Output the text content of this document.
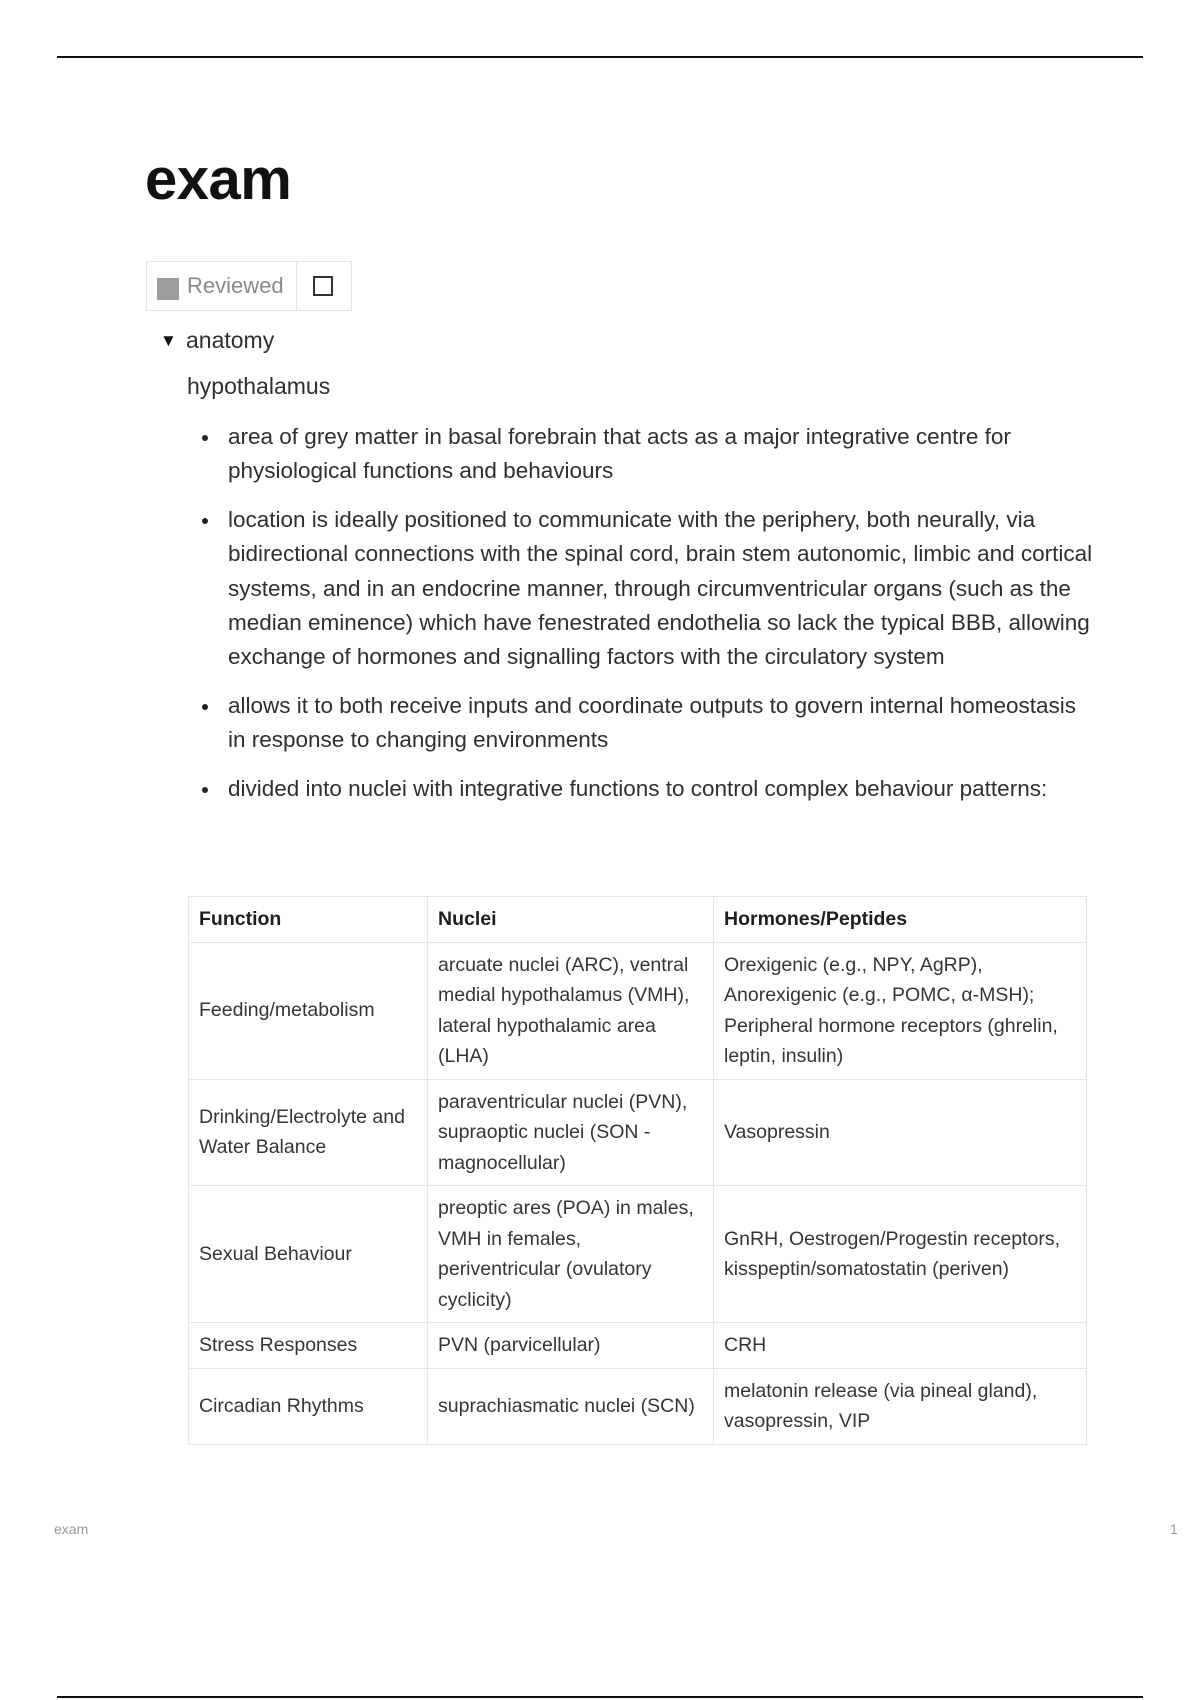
exam
Reviewed
▼ anatomy
hypothalamus
area of grey matter in basal forebrain that acts as a major integrative centre for physiological functions and behaviours
location is ideally positioned to communicate with the periphery, both neurally, via bidirectional connections with the spinal cord, brain stem autonomic, limbic and cortical systems, and in an endocrine manner, through circumventricular organs (such as the median eminence) which have fenestrated endothelia so lack the typical BBB, allowing exchange of hormones and signalling factors with the circulatory system
allows it to both receive inputs and coordinate outputs to govern internal homeostasis in response to changing environments
divided into nuclei with integrative functions to control complex behaviour patterns:
Function	Nuclei	Hormones/Peptides
Feeding/metabolism	arcuate nuclei (ARC), ventral medial hypothalamus (VMH), lateral hypothalamic area (LHA)	Orexigenic (e.g., NPY, AgRP), Anorexigenic (e.g., POMC, α-MSH); Peripheral hormone receptors (ghrelin, leptin, insulin)
Drinking/Electrolyte and Water Balance	paraventricular nuclei (PVN), supraoptic nuclei (SON - magnocellular)	Vasopressin
Sexual Behaviour	preoptic ares (POA) in males, VMH in females, periventricular (ovulatory cyclicity)	GnRH, Oestrogen/Progestin receptors, kisspeptin/somatostatin (periven)
Stress Responses	PVN (parvicellular)	CRH
Circadian Rhythms	suprachiasmatic nuclei (SCN)	melatonin release (via pineal gland), vasopressin, VIP
exam	1
